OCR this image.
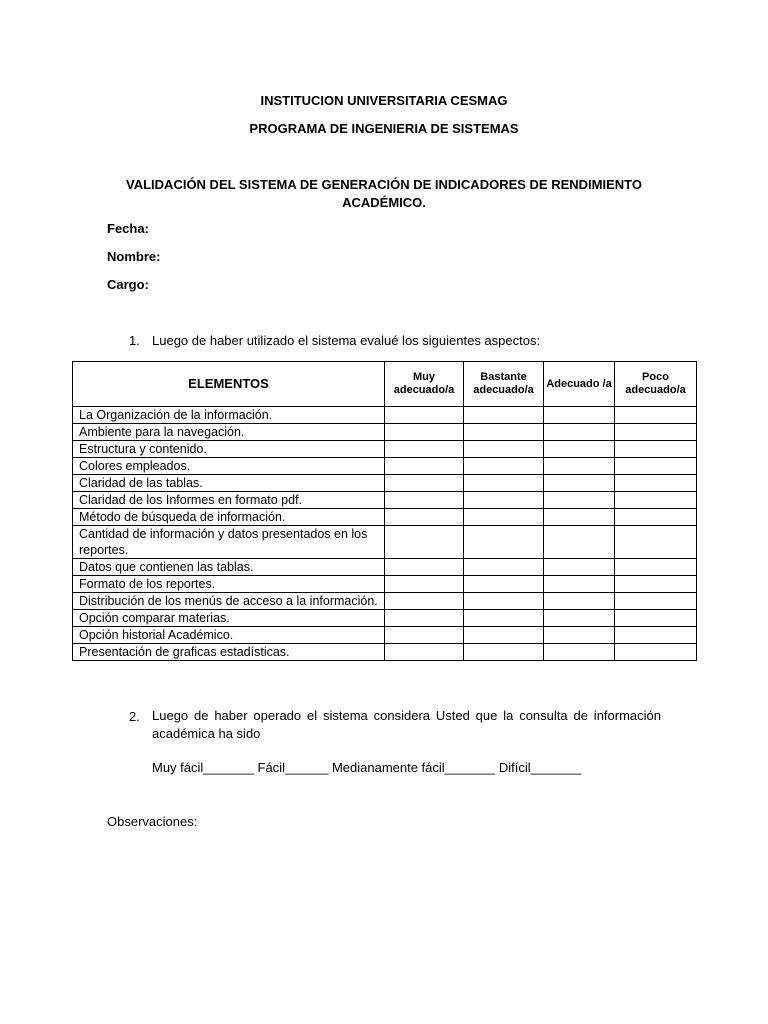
INSTITUCION UNIVERSITARIA CESMAG
PROGRAMA DE INGENIERIA DE SISTEMAS
VALIDACIÓN DEL SISTEMA DE GENERACIÓN DE INDICADORES DE RENDIMIENTO
ACADÉMICO.
Fecha:
Nombre:
Cargo:
1. Luego de haber utilizado el sistema evalué los siguientes aspectos:
ELEMENTOS	Muy adecuado/a	Bastante adecuado/a	Adecuado /a	Poco adecuado/a
La Organización de la información.				
Ambiente para la navegación.				
Estructura y contenido.				
Colores empleados.				
Claridad de las tablas.				
Claridad de los Informes en formato pdf.				
Método de búsqueda de información.				
Cantidad de información y datos presentados en los reportes.				
Datos que contienen las tablas.				
Formato de los reportes.				
Distribución de los menús de acceso a la información.				
Opción comparar materias.				
Opción historial Académico.				
Presentación de graficas estadísticas.				
2. Luego de haber operado el sistema considera Usted que la consulta de información académica ha sido
Muy fácil_______ Fácil______ Medianamente fácil_______ Difícil_______
Observaciones:
